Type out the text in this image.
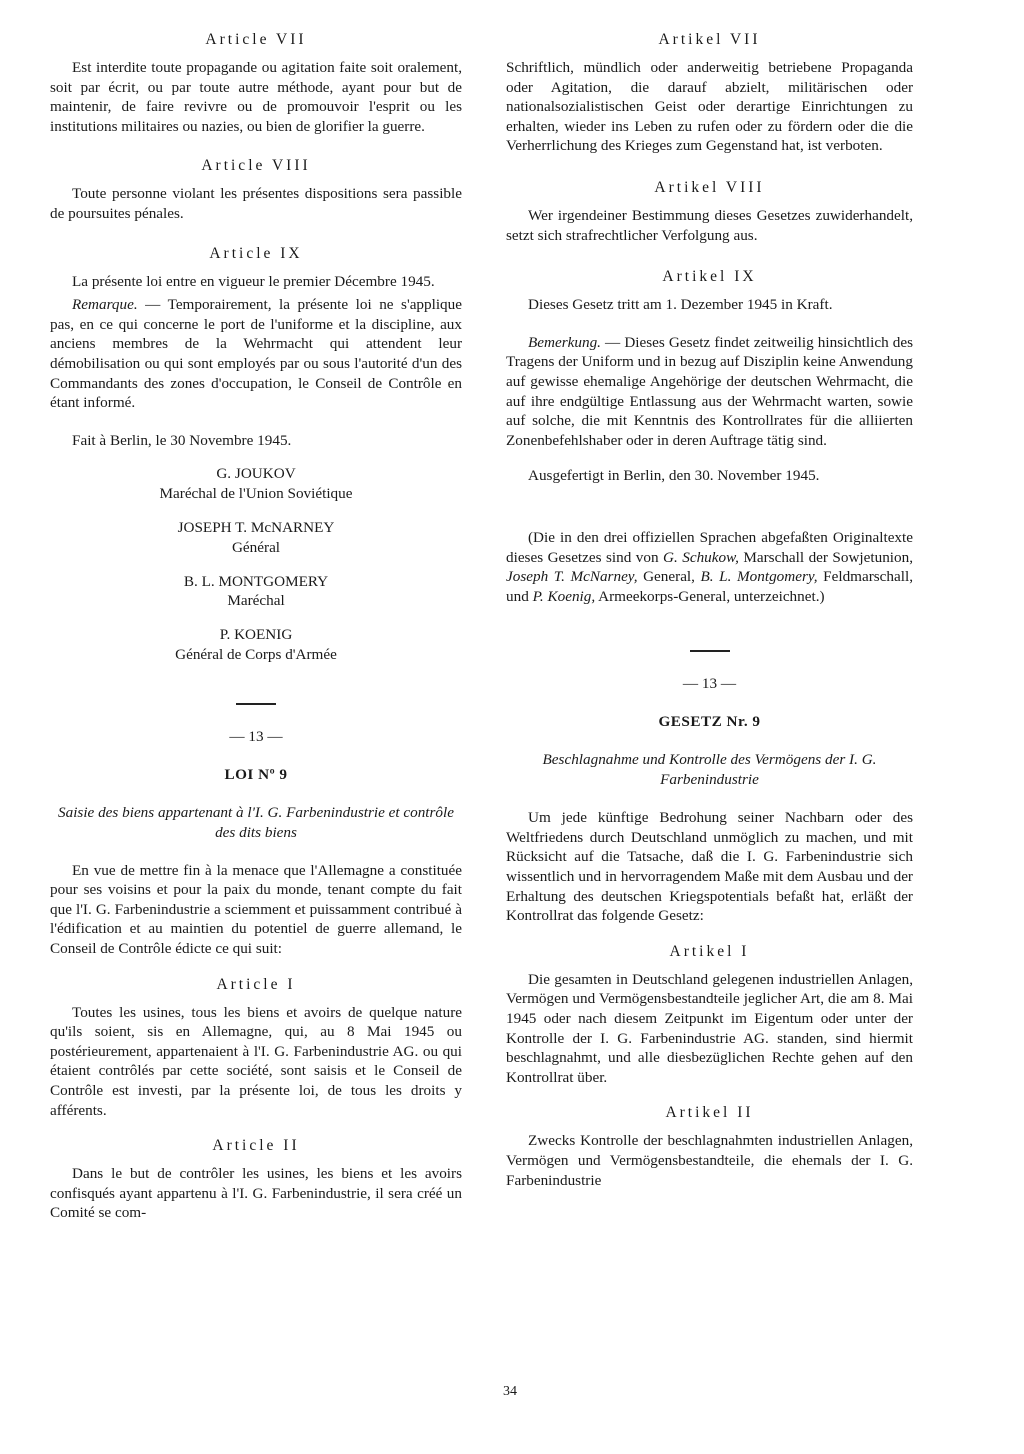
Article VII

Est interdite toute propagande ou agitation faite soit oralement, soit par écrit, ou par toute autre méthode, ayant pour but de maintenir, de faire revivre ou de promouvoir l'esprit ou les institutions militaires ou nazies, ou bien de glorifier la guerre.

Article VIII

Toute personne violant les présentes dispositions sera passible de poursuites pénales.

Article IX

La présente loi entre en vigueur le premier Décembre 1945.

Remarque. — Temporairement, la présente loi ne s'applique pas, en ce qui concerne le port de l'uniforme et la discipline, aux anciens membres de la Wehrmacht qui attendent leur démobilisation ou qui sont employés par ou sous l'autorité d'un des Commandants des zones d'occupation, le Conseil de Contrôle en étant informé.

Fait à Berlin, le 30 Novembre 1945.

G. JOUKOV
Maréchal de l'Union Soviétique
JOSEPH T. McNARNEY
Général
B. L. MONTGOMERY
Maréchal
P. KOENIG
Général de Corps d'Armée
— 13 —
LOI Nº 9
Saisie des biens appartenant à l'I. G. Farbenindustrie et contrôle des dits biens

En vue de mettre fin à la menace que l'Allemagne a constituée pour ses voisins et pour la paix du monde, tenant compte du fait que l'I. G. Farbenindustrie a sciemment et puissamment contribué à l'édification et au maintien du potentiel de guerre allemand, le Conseil de Contrôle édicte ce qui suit:

Article I

Toutes les usines, tous les biens et avoirs de quelque nature qu'ils soient, sis en Allemagne, qui, au 8 Mai 1945 ou postérieurement, appartenaient à l'I. G. Farbenindustrie AG. ou qui étaient contrôlés par cette société, sont saisis et le Conseil de Contrôle est investi, par la présente loi, de tous les droits y afférents.

Article II

Dans le but de contrôler les usines, les biens et les avoirs confisqués ayant appartenu à l'I. G. Farbenindustrie, il sera créé un Comité se com-

Artikel VII

Schriftlich, mündlich oder anderweitig betriebene Propaganda oder Agitation, die darauf abzielt, militärischen oder nationalsozialistischen Geist oder derartige Einrichtungen zu erhalten, wieder ins Leben zu rufen oder zu fördern oder die die Verherrlichung des Krieges zum Gegenstand hat, ist verboten.

Artikel VIII

Wer irgendeiner Bestimmung dieses Gesetzes zuwiderhandelt, setzt sich strafrechtlicher Verfolgung aus.

Artikel IX

Dieses Gesetz tritt am 1. Dezember 1945 in Kraft.

Bemerkung. — Dieses Gesetz findet zeitweilig hinsichtlich des Tragens der Uniform und in bezug auf Disziplin keine Anwendung auf gewisse ehemalige Angehörige der deutschen Wehrmacht, die auf ihre endgültige Entlassung aus der Wehrmacht warten, sowie auf solche, die mit Kenntnis des Kontrollrates für die alliierten Zonenbefehlshaber oder in deren Auftrage tätig sind.

Ausgefertigt in Berlin, den 30. November 1945.

(Die in den drei offiziellen Sprachen abgefaßten Originaltexte dieses Gesetzes sind von G. Schukow, Marschall der Sowjetunion, Joseph T. McNarney, General, B. L. Montgomery, Feldmarschall, und P. Koenig, Armeekorps-General, unterzeichnet.)

— 13 —
GESETZ Nr. 9
Beschlagnahme und Kontrolle des Vermögens der I. G. Farbenindustrie

Um jede künftige Bedrohung seiner Nachbarn oder des Weltfriedens durch Deutschland unmöglich zu machen, und mit Rücksicht auf die Tatsache, daß die I. G. Farbenindustrie sich wissentlich und in hervorragendem Maße mit dem Ausbau und der Erhaltung des deutschen Kriegspotentials befaßt hat, erläßt der Kontrollrat das folgende Gesetz:

Artikel I

Die gesamten in Deutschland gelegenen industriellen Anlagen, Vermögen und Vermögensbestandteile jeglicher Art, die am 8. Mai 1945 oder nach diesem Zeitpunkt im Eigentum oder unter der Kontrolle der I. G. Farbenindustrie AG. standen, sind hiermit beschlagnahmt, und alle diesbezüglichen Rechte gehen auf den Kontrollrat über.

Artikel II

Zwecks Kontrolle der beschlagnahmten industriellen Anlagen, Vermögen und Vermögensbestandteile, die ehemals der I. G. Farbenindustrie

34
